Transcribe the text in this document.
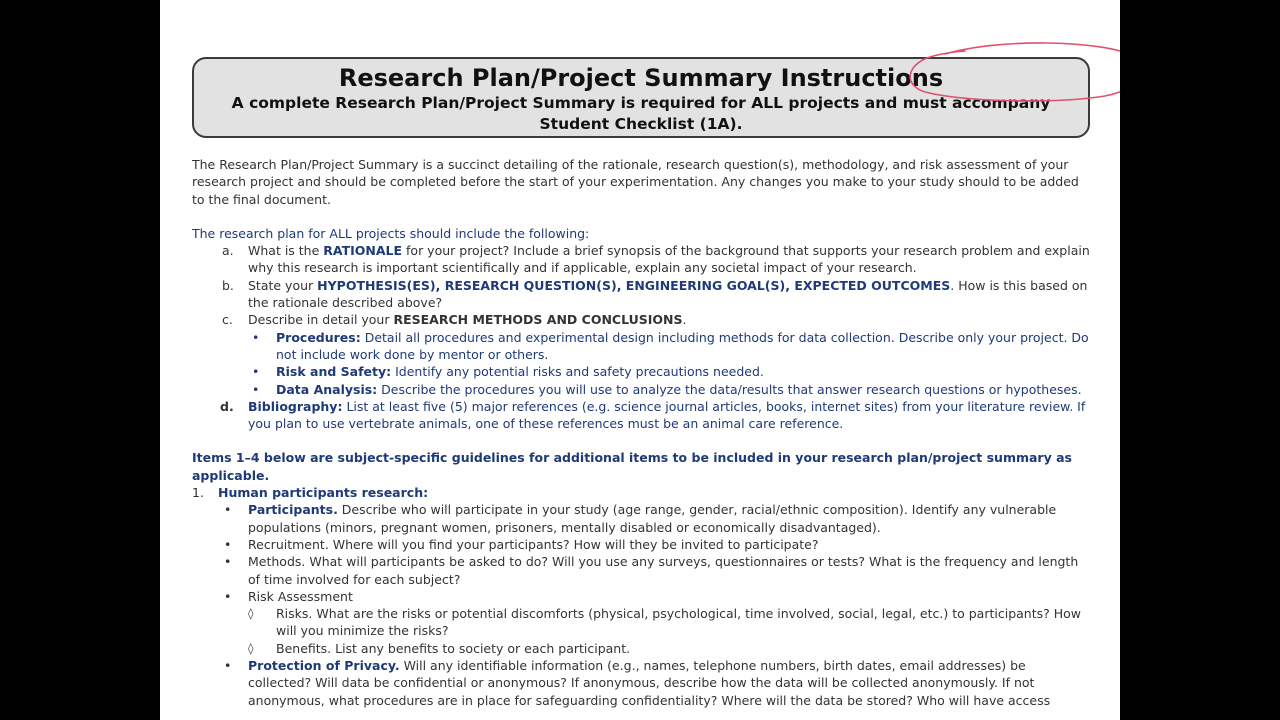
Research Plan/Project Summary Instructions
A complete Research Plan/Project Summary is required for ALL projects and must accompany
Student Checklist (1A).

The Research Plan/Project Summary is a succinct detailing of the rationale, research question(s), methodology, and risk assessment of your research project and should be completed before the start of your experimentation. Any changes you make to your study should to be added to the final document.

The research plan for ALL projects should include the following:

a. What is the RATIONALE for your project? Include a brief synopsis of the background that supports your research problem and explain why this research is important scientifically and if applicable, explain any societal impact of your research.
b. State your HYPOTHESIS(ES), RESEARCH QUESTION(S), ENGINEERING GOAL(S), EXPECTED OUTCOMES. How is this based on the rationale described above?
c. Describe in detail your RESEARCH METHODS AND CONCLUSIONS.
• Procedures: Detail all procedures and experimental design including methods for data collection. Describe only your project. Do not include work done by mentor or others.
• Risk and Safety: Identify any potential risks and safety precautions needed.
• Data Analysis: Describe the procedures you will use to analyze the data/results that answer research questions or hypotheses.
d. Bibliography: List at least five (5) major references (e.g. science journal articles, books, internet sites) from your literature review. If you plan to use vertebrate animals, one of these references must be an animal care reference.

Items 1–4 below are subject-specific guidelines for additional items to be included in your research plan/project summary as applicable.

1. Human participants research:
• Participants. Describe who will participate in your study (age range, gender, racial/ethnic composition). Identify any vulnerable populations (minors, pregnant women, prisoners, mentally disabled or economically disadvantaged).
• Recruitment. Where will you find your participants? How will they be invited to participate?
• Methods. What will participants be asked to do? Will you use any surveys, questionnaires or tests? What is the frequency and length of time involved for each subject?
• Risk Assessment
◊ Risks. What are the risks or potential discomforts (physical, psychological, time involved, social, legal, etc.) to participants? How will you minimize the risks?
◊ Benefits. List any benefits to society or each participant.
• Protection of Privacy. Will any identifiable information (e.g., names, telephone numbers, birth dates, email addresses) be collected? Will data be confidential or anonymous? If anonymous, describe how the data will be collected anonymously. If not anonymous, what procedures are in place for safeguarding confidentiality? Where will the data be stored? Who will have access
